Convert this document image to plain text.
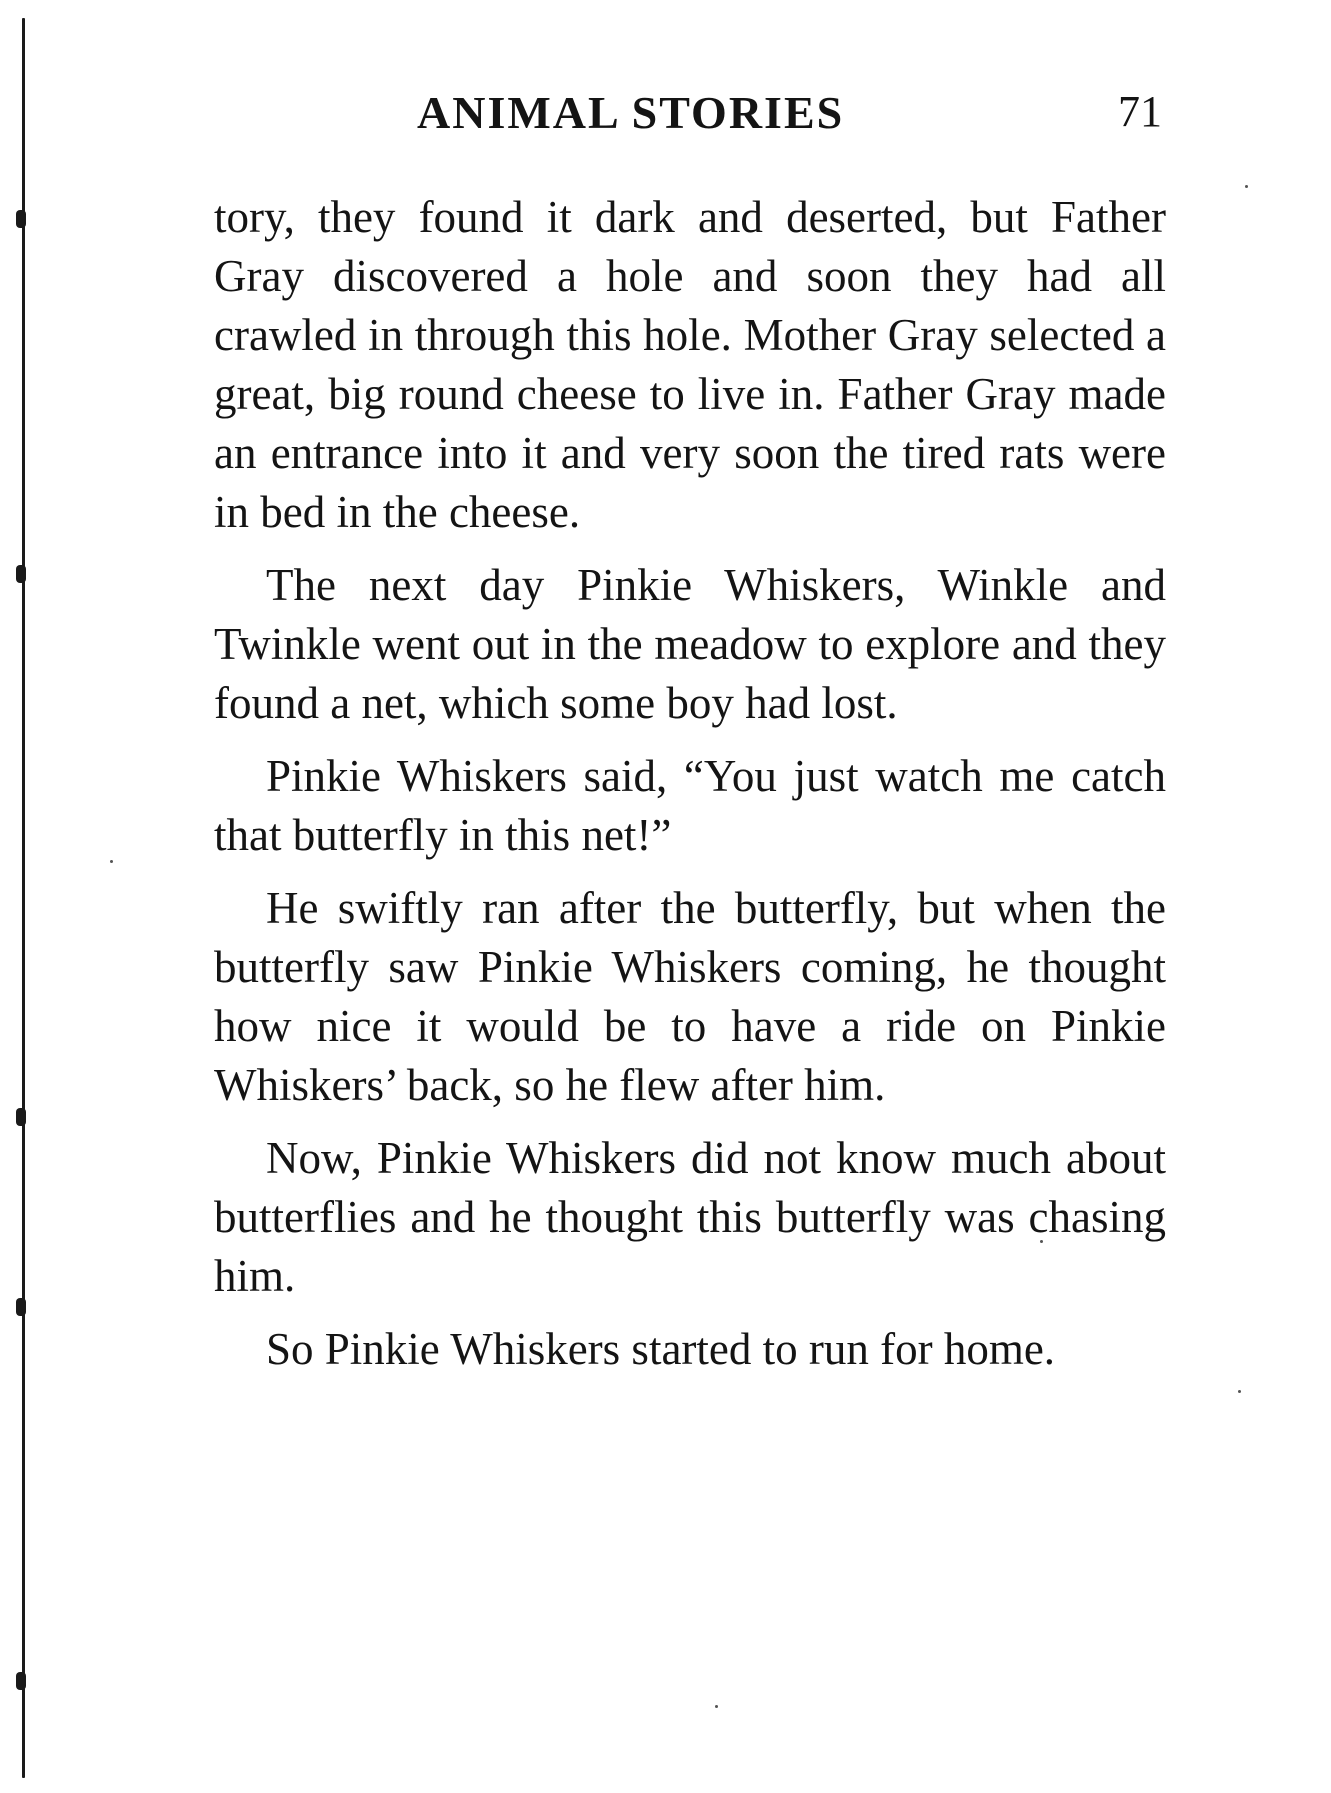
ANIMAL STORIES	71

tory, they found it dark and deserted, but Father Gray discovered a hole and soon they had all crawled in through this hole. Mother Gray selected a great, big round cheese to live in. Father Gray made an entrance into it and very soon the tired rats were in bed in the cheese.

The next day Pinkie Whiskers, Winkle and Twinkle went out in the meadow to explore and they found a net, which some boy had lost.

Pinkie Whiskers said, “You just watch me catch that butterfly in this net!”

He swiftly ran after the butterfly, but when the butterfly saw Pinkie Whiskers coming, he thought how nice it would be to have a ride on Pinkie Whiskers’ back, so he flew after him.

Now, Pinkie Whiskers did not know much about butterflies and he thought this butterfly was chasing him.

So Pinkie Whiskers started to run for home.
